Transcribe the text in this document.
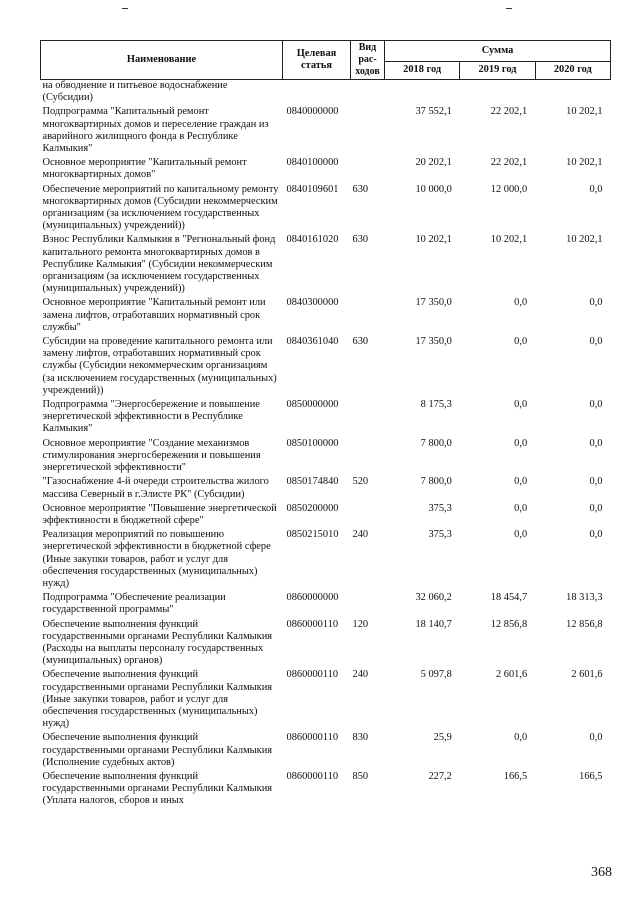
Наименование	Целевая статья	Вид рас-ходов	Сумма		
			2018 год	2019 год	2020 год
на обводнение и питьевое водоснабжение (Субсидии)					
Подпрограмма "Капитальный ремонт многоквартирных домов и переселение граждан из аварийного жилищного фонда в Республике Калмыкия"	0840000000		37 552,1	22 202,1	10 202,1
Основное мероприятие "Капитальный ремонт многоквартирных домов"	0840100000		20 202,1	22 202,1	10 202,1
Обеспечение мероприятий по капитальному ремонту многоквартирных домов (Субсидии некоммерческим организациям (за исключением государственных (муниципальных) учреждений))	0840109601	630	10 000,0	12 000,0	0,0
Взнос Республики Калмыкия в "Региональный фонд капитального ремонта многоквартирных домов в Республике Калмыкия" (Субсидии некоммерческим организациям (за исключением государственных (муниципальных) учреждений))	0840161020	630	10 202,1	10 202,1	10 202,1
Основное мероприятие "Капитальный ремонт или замена лифтов, отработавших нормативный срок службы"	0840300000		17 350,0	0,0	0,0
Субсидии на проведение капитального ремонта или замену лифтов, отработавших нормативный срок службы (Субсидии некоммерческим организациям (за исключением государственных (муниципальных) учреждений))	0840361040	630	17 350,0	0,0	0,0
Подпрограмма "Энергосбережение и повышение энергетической эффективности в Республике Калмыкия"	0850000000		8 175,3	0,0	0,0
Основное мероприятие "Создание механизмов стимулирования энергосбережения и повышения энергетической эффективности"	0850100000		7 800,0	0,0	0,0
"Газоснабжение 4-й очереди строительства жилого массива Северный в г.Элисте РК" (Субсидии)	0850174840	520	7 800,0	0,0	0,0
Основное мероприятие "Повышение энергетической эффективности в бюджетной сфере"	0850200000		375,3	0,0	0,0
Реализация мероприятий по повышению энергетической эффективности в бюджетной сфере (Иные закупки товаров, работ и услуг для обеспечения государственных (муниципальных) нужд)	0850215010	240	375,3	0,0	0,0
Подпрограмма "Обеспечение реализации государственной программы"	0860000000		32 060,2	18 454,7	18 313,3
Обеспечение выполнения функций государственными органами Республики Калмыкия (Расходы на выплаты персоналу государственных (муниципальных) органов)	0860000110	120	18 140,7	12 856,8	12 856,8
Обеспечение выполнения функций государственными органами Республики Калмыкия (Иные закупки товаров, работ и услуг для обеспечения государственных (муниципальных) нужд)	0860000110	240	5 097,8	2 601,6	2 601,6
Обеспечение выполнения функций государственными органами Республики Калмыкия (Исполнение судебных актов)	0860000110	830	25,9	0,0	0,0
Обеспечение выполнения функций государственными органами Республики Калмыкия (Уплата налогов, сборов и иных	0860000110	850	227,2	166,5	166,5
368
